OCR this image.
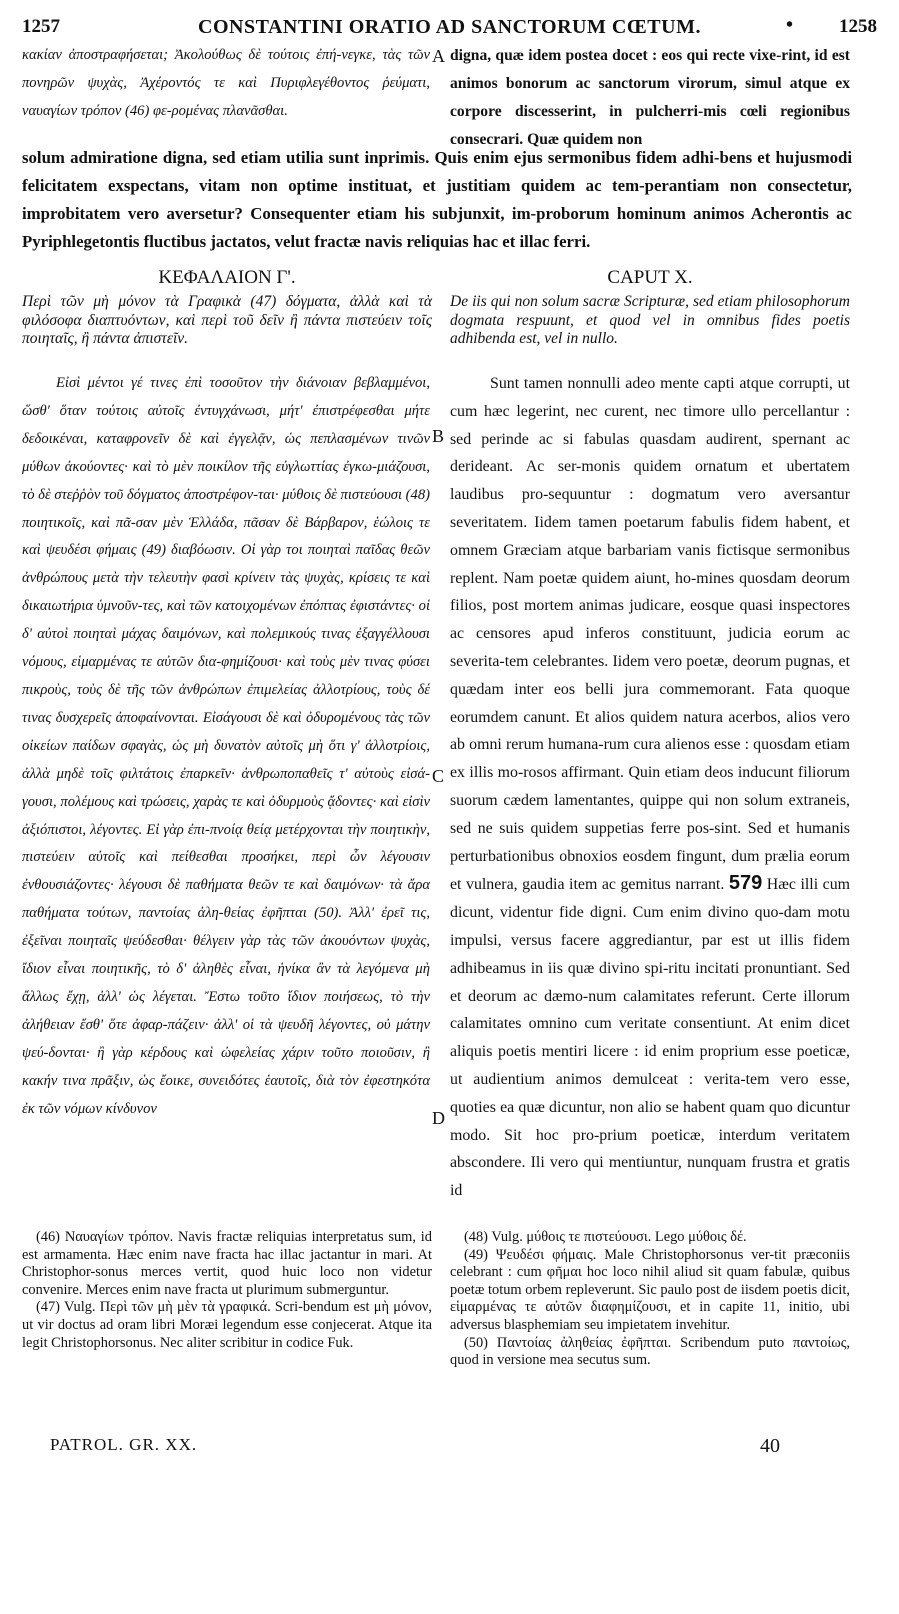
1257	CONSTANTINI ORATIO AD SANCTORUM CŒTUM.	• 1258

κακίαν ἀποστραφήσεται; Ἀκολούθως δὲ τούτοις ἐπή-νεγκε, τὰς τῶν πονηρῶν ψυχὰς, Ἀχέροντός τε καὶ Πυριφλεγέθοντος ῥεύματι, ναυαγίων τρόπον (46) φε-ρομένας πλανᾶσθαι.

A digna, quæ idem postea docet : eos qui recte vixe-rint, id est animos bonorum ac sanctorum virorum, simul atque ex corpore discesserint, in pulcherri-mis cœli regionibus consecrari. Quæ quidem non

solum admiratione digna, sed etiam utilia sunt inprimis. Quis enim ejus sermonibus fidem adhi-bens et hujusmodi felicitatem exspectans, vitam non optime instituat, et justitiam quidem ac tem-perantiam non consectetur, improbitatem vero aversetur? Consequenter etiam his subjunxit, im-proborum hominum animos Acherontis ac Pyriphlegetontis fluctibus jactatos, velut fractæ navis reliquias hac et illac ferri.

ΚΕΦΑΛΑΙΟΝ Γ'.	CAPUT X.

Περὶ τῶν μὴ μόνον τὰ Γραφικὰ (47) δόγματα, ἀλλὰ καὶ τὰ φιλόσοφα διαπτυόντων, καὶ περὶ τοῦ δεῖν ἢ πάντα πιστεύειν τοῖς ποιηταῖς, ἢ πάντα ἀπιστεῖν.

De iis qui non solum sacræ Scripturæ, sed etiam philosophorum dogmata respuunt, et quod vel in omnibus fides poetis adhibenda est, vel in nullo.

Εἰσὶ μέντοι γέ τινες ἐπὶ τοσοῦτον τὴν διάνοιαν βεβλαμμένοι, ὥσθ' ὅταν τούτοις αὐτοῖς ἐντυγχάνωσι, μήτ' ἐπιστρέφεσθαι μήτε δεδοικέναι, καταφρονεῖν δὲ καὶ ἐγγελᾷν, ὡς πεπλασμένων τινῶν μύθων ἀκούοντες· καὶ τὸ μὲν ποικίλον τῆς εὐγλωττίας ἐγκω-μιάζουσι, τὸ δὲ στεῤῥὸν τοῦ δόγματος ἀποστρέφον-ται· μύθοις δὲ πιστεύουσι (48) ποιητικοῖς, καὶ πᾶ-σαν μὲν Ἑλλάδα, πᾶσαν δὲ Βάρβαρον, ἑώλοις τε καὶ ψευδέσι φήμαις (49) διαβόωσιν. Οἱ γὰρ τοι ποιηταὶ παῖδας θεῶν ἀνθρώπους μετὰ τὴν τελευτὴν φασὶ κρίνειν τὰς ψυχὰς, κρίσεις τε καὶ δικαιωτήρια ὑμνοῦν-τες, καὶ τῶν κατοιχομένων ἐπόπτας ἐφιστάντες· οἱ δ' αὐτοὶ ποιηταὶ μάχας δαιμόνων, καὶ πολεμικούς τινας ἐξαγγέλλουσι νόμους, εἱμαρμένας τε αὐτῶν δια-φημίζουσι· καὶ τοὺς μὲν τινας φύσει πικροὺς, τοὺς δὲ τῆς τῶν ἀνθρώπων ἐπιμελείας ἀλλοτρίους, τοὺς δέ τινας δυσχερεῖς ἀποφαίνονται. Εἰσάγουσι δὲ καὶ ὀδυρομένους τὰς τῶν οἰκείων παίδων σφαγὰς, ὡς μὴ δυνατὸν αὐτοῖς μὴ ὅτι γ' ἀλλοτρίοις, ἀλλὰ μηδὲ τοῖς φιλτάτοις ἐπαρκεῖν· ἀνθρωποπαθεῖς τ' αὐτοὺς εἰσά-γουσι, πολέμους καὶ τρώσεις, χαρὰς τε καὶ ὀδυρμοὺς ᾄδοντες· καὶ εἰσὶν ἀξιόπιστοι, λέγοντες. Εἰ γὰρ ἐπι-πνοίᾳ θείᾳ μετέρχονται τὴν ποιητικὴν, πιστεύειν αὐτοῖς καὶ πείθεσθαι προσήκει, περὶ ὧν λέγουσιν ἐνθουσιάζοντες· λέγουσι δὲ παθήματα θεῶν τε καὶ δαιμόνων· τὰ ἄρα παθήματα τούτων, παντοίας ἀλη-θείας ἐφῆπται (50). Ἀλλ' ἐρεῖ τις, ἐξεῖναι ποιηταῖς ψεύδεσθαι· θέλγειν γὰρ τὰς τῶν ἀκουόντων ψυχὰς, ἴδιον εἶναι ποιητικῆς, τὸ δ' ἀληθὲς εἶναι, ἡνίκα ἂν τὰ λεγόμενα μὴ ἄλλως ἔχῃ, ἀλλ' ὡς λέγεται. Ἔστω τοῦτο ἴδιον ποιήσεως, τὸ τὴν ἀλήθειαν ἔσθ' ὅτε ἀφαρ-πάζειν· ἀλλ' οἱ τὰ ψευδῆ λέγοντες, οὐ μάτην ψεύ-δονται· ἢ γὰρ κέρδους καὶ ὠφελείας χάριν τοῦτο ποιοῦσιν, ἢ κακήν τινα πρᾶξιν, ὡς ἔοικε, συνειδότες ἑαυτοῖς, διὰ τὸν ἐφεστηκότα ἐκ τῶν νόμων κίνδυνον

B
C
D

Sunt tamen nonnulli adeo mente capti atque corrupti, ut cum hæc legerint, nec curent, nec timore ullo percellantur : sed perinde ac si fabulas quasdam audirent, spernant ac derideant. Ac ser-monis quidem ornatum et ubertatem laudibus pro-sequuntur : dogmatum vero aversantur severitatem. Iidem tamen poetarum fabulis fidem habent, et omnem Græciam atque barbariam vanis fictisque sermonibus replent. Nam poetæ quidem aiunt, ho-mines quosdam deorum filios, post mortem animas judicare, eosque quasi inspectores ac censores apud inferos constituunt, judicia eorum ac severita-tem celebrantes. Iidem vero poetæ, deorum pugnas, et quædam inter eos belli jura commemorant. Fata quoque eorumdem canunt. Et alios quidem natura acerbos, alios vero ab omni rerum humana-rum cura alienos esse : quosdam etiam ex illis mo-rosos affirmant. Quin etiam deos inducunt filiorum suorum cædem lamentantes, quippe qui non solum extraneis, sed ne suis quidem suppetias ferre pos-sint. Sed et humanis perturbationibus obnoxios eosdem fingunt, dum prælia eorum et vulnera, gaudia item ac gemitus narrant. 579 Hæc illi cum dicunt, videntur fide digni. Cum enim divino quo-dam motu impulsi, versus facere aggrediantur, par est ut illis fidem adhibeamus in iis quæ divino spi-ritu incitati pronuntiant. Sed et deorum ac dæmo-num calamitates referunt. Certe illorum calamitates omnino cum veritate consentiunt. At enim dicet aliquis poetis mentiri licere : id enim proprium esse poeticæ, ut audientium animos demulceat : verita-tem vero esse, quoties ea quæ dicuntur, non alio se habent quam quo dicuntur modo. Sit hoc pro-prium poeticæ, interdum veritatem abscondere. Ili vero qui mentiuntur, nunquam frustra et gratis id

(46) Ναυαγίων τρόπον. Navis fractæ reliquias interpretatus sum, id est armamenta. Hæc enim nave fracta hac illac jactantur in mari. At Christophor-sonus merces vertit, quod huic loco non videtur convenire. Merces enim nave fracta ut plurimum submerguntur.

(47) Vulg. Περὶ τῶν μὴ μὲν τὰ γραφικά. Scri-bendum est μὴ μόνον, ut vir doctus ad oram libri Moræi legendum esse conjecerat. Atque ita legit Christophorsonus. Nec aliter scribitur in codice Fuk.

(48) Vulg. μύθοις τε πιστεύουσι. Lego μύθοις δέ.

(49) Ψευδέσι φήμαις. Male Christophorsonus ver-tit præconiis celebrant : cum φῆμαι hoc loco nihil aliud sit quam fabulæ, quibus poetæ totum orbem repleverunt. Sic paulo post de iisdem poetis dicit, εἱμαρμένας τε αὐτῶν διαφημίζουσι, et in capite 11, initio, ubi adversus blasphemiam seu impietatem invehitur.

(50) Παντοίας ἀληθείας ἐφῆπται. Scribendum puto παντοίως, quod in versione mea secutus sum.

PATROL. GR. XX.	40
